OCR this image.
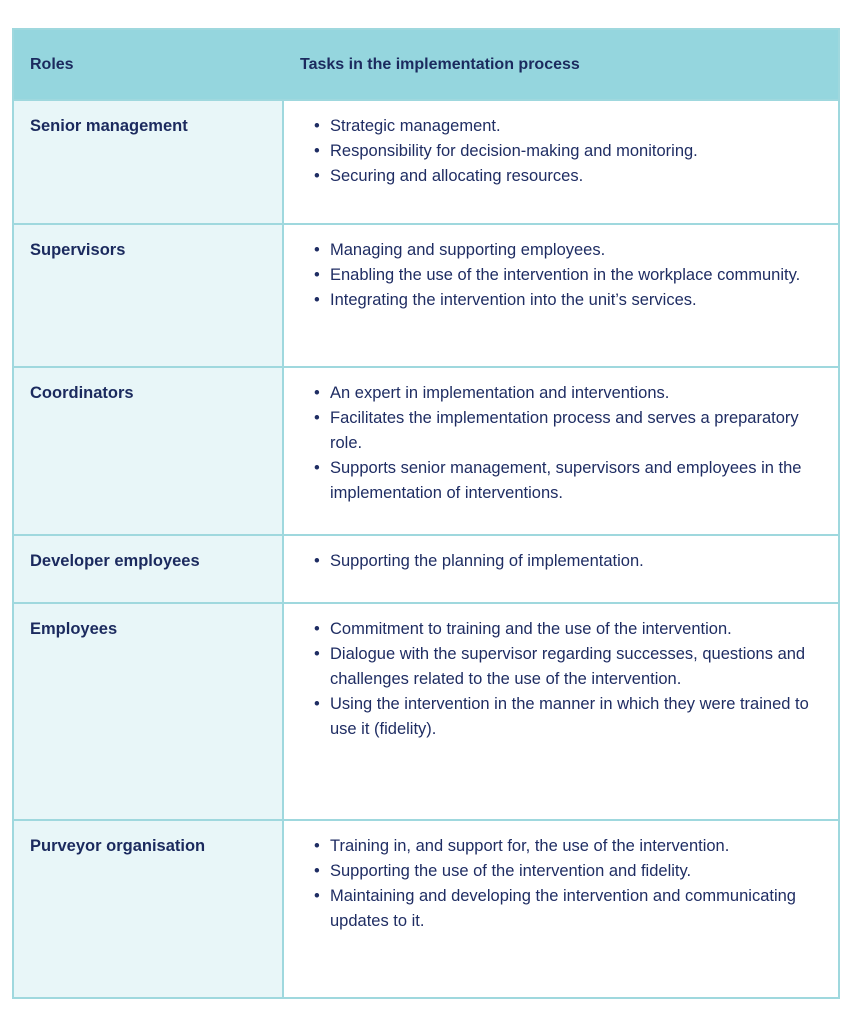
Roles	Tasks in the implementation process
Senior management	• Strategic management.
• Responsibility for decision-making and monitoring.
• Securing and allocating resources.
Supervisors	• Managing and supporting employees.
• Enabling the use of the intervention in the workplace community.
• Integrating the intervention into the unit’s services.
Coordinators	• An expert in implementation and interventions.
• Facilitates the implementation process and serves a preparatory role.
• Supports senior management, supervisors and employees in the implementation of interventions.
Developer employees	• Supporting the planning of implementation.
Employees	• Commitment to training and the use of the intervention.
• Dialogue with the supervisor regarding successes, questions and challenges related to the use of the intervention.
• Using the intervention in the manner in which they were trained to use it (fidelity).
Purveyor organisation	• Training in, and support for, the use of the intervention.
• Supporting the use of the intervention and fidelity.
• Maintaining and developing the intervention and communicating updates to it.
